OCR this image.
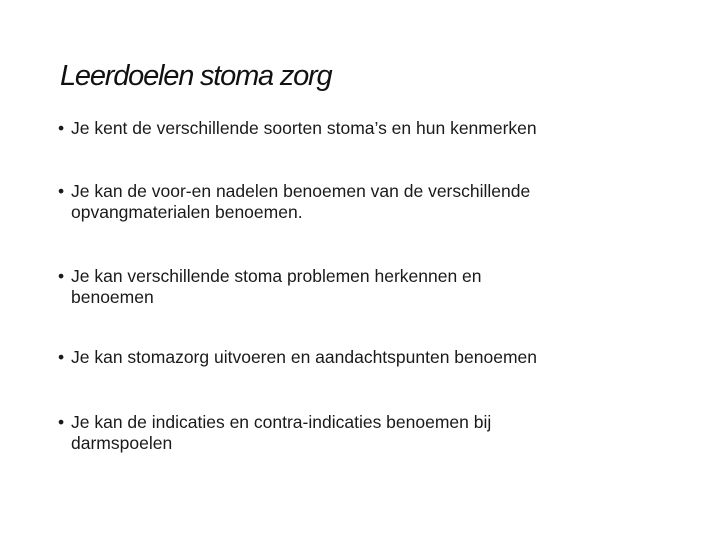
Leerdoelen stoma zorg
• Je kent de verschillende soorten stoma’s en hun kenmerken
• Je kan de voor-en nadelen benoemen van de verschillende
opvangmaterialen benoemen.
• Je kan verschillende stoma problemen herkennen en
benoemen
• Je kan stomazorg uitvoeren en aandachtspunten benoemen
• Je kan de indicaties en contra-indicaties benoemen bij
darmspoelen
